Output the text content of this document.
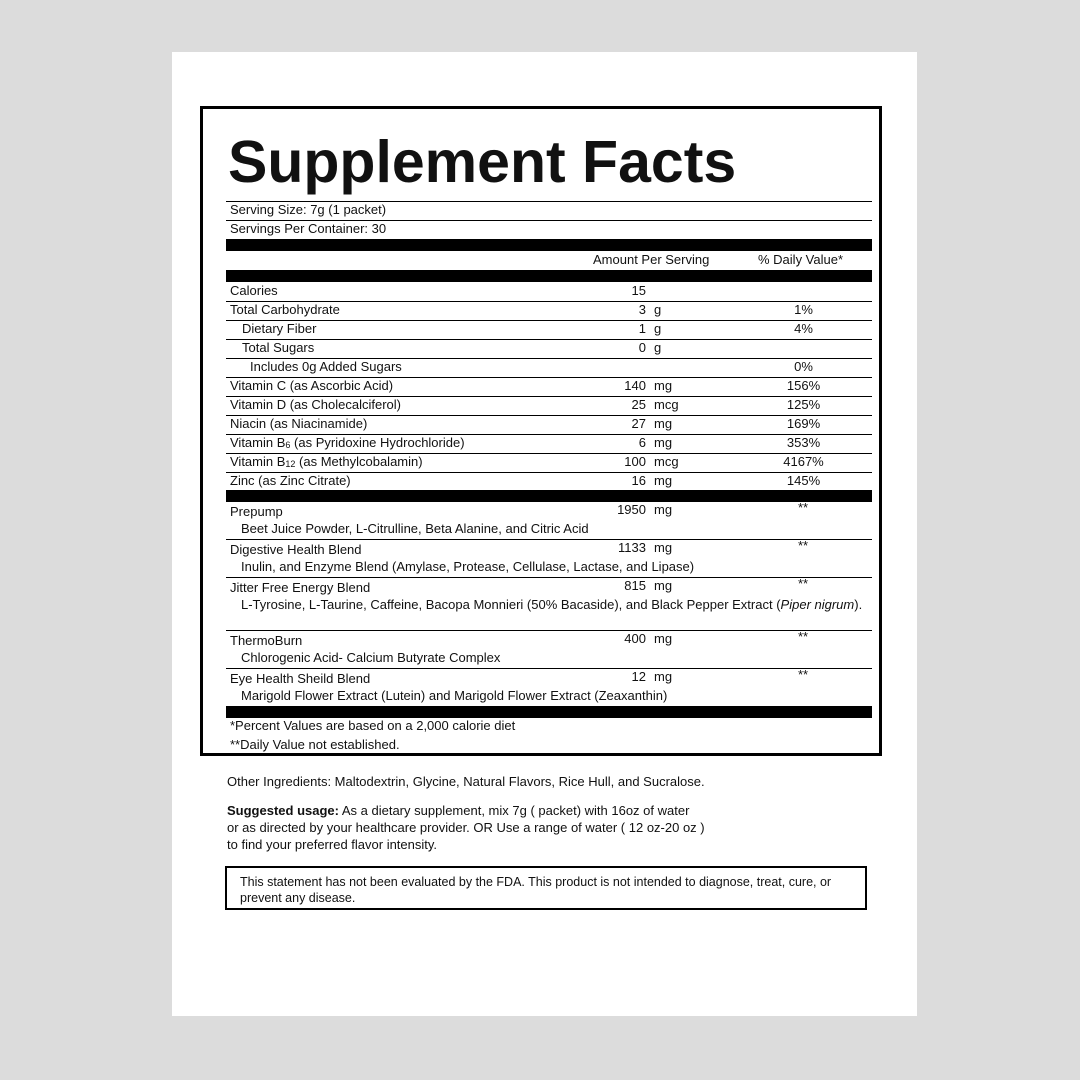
Supplement Facts
Serving Size: 7g (1 packet)
Servings Per Container: 30
Amount Per Serving	% Daily Value*
Calories	15
Total Carbohydrate	3 g	1%
Dietary Fiber	1 g	4%
Total Sugars	0 g
Includes 0g Added Sugars	0%
Vitamin C (as Ascorbic Acid)	140 mg	156%
Vitamin D (as Cholecalciferol)	25 mcg	125%
Niacin (as Niacinamide)	27 mg	169%
Vitamin $B_6$ (as Pyridoxine Hydrochloride)	6 mg	353%
Vitamin $B_{12}$ (as Methylcobalamin)	100 mcg	4167%
Zinc (as Zinc Citrate)	16 mg	145%
Prepump	1950 mg	**
Beet Juice Powder, L-Citrulline, Beta Alanine, and Citric Acid
Digestive Health Blend	1133 mg	**
Inulin, and Enzyme Blend (Amylase, Protease, Cellulase, Lactase, and Lipase)
Jitter Free Energy Blend	815 mg	**
L-Tyrosine, L-Taurine, Caffeine, Bacopa Monnieri (50% Bacaside), and Black Pepper Extract (Piper nigrum).
ThermoBurn	400 mg	**
Chlorogenic Acid- Calcium Butyrate Complex
Eye Health Sheild Blend	12 mg	**
Marigold Flower Extract (Lutein) and Marigold Flower Extract (Zeaxanthin)
*Percent Values are based on a 2,000 calorie diet
**Daily Value not established.
Other Ingredients: Maltodextrin, Glycine, Natural Flavors, Rice Hull, and Sucralose.
Suggested usage: As a dietary supplement, mix 7g ( packet) with 16oz of water
or as directed by your healthcare provider. OR Use a range of water ( 12 oz-20 oz )
to find your preferred flavor intensity.
This statement has not been evaluated by the FDA. This product is not intended to diagnose, treat, cure, or prevent any disease.
